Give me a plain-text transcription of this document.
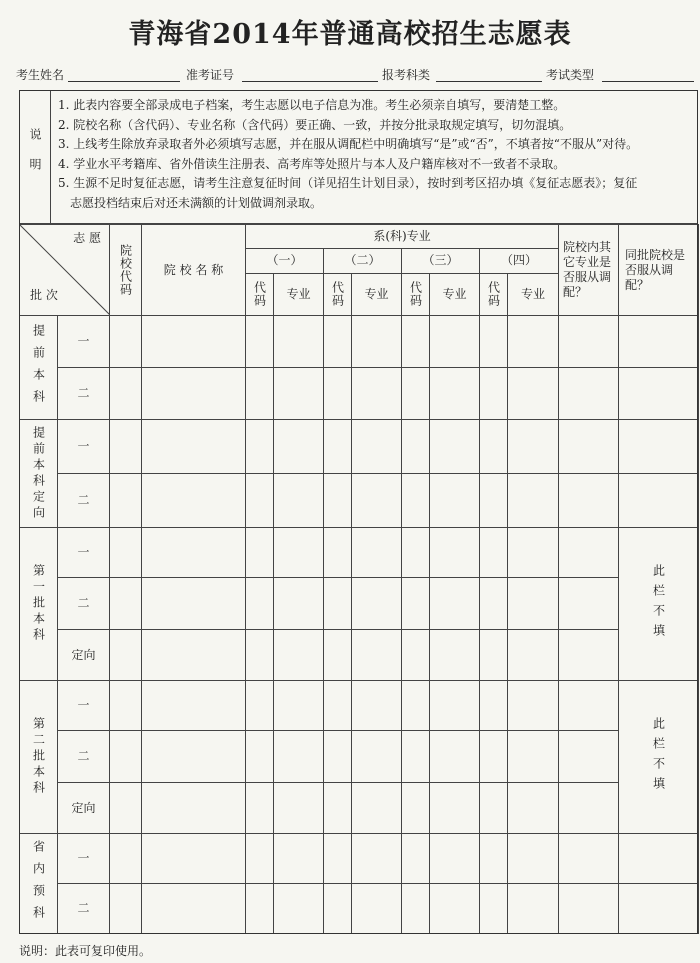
青海省2014年普通高校招生志愿表
考生姓名	准考证号	报考科类	考试类型
说明
1. 此表内容要全部录成电子档案，考生志愿以电子信息为准。考生必须亲自填写，要清楚工整。
2. 院校名称（含代码）、专业名称（含代码）要正确、一致，并按分批录取规定填写，切勿混填。
3. 上线考生除放弃录取者外必须填写志愿，并在服从调配栏中明确填写“是”或“否”，不填者按“不服从”对待。
4. 学业水平考籍库、省外借读生注册表、高考库等处照片与本人及户籍库核对不一致者不录取。
5. 生源不足时复征志愿，请考生注意复征时间（详见招生计划目录），按时到考区招办填《复征志愿表》；复征
志愿投档结束后对还未满额的计划做调剂录取。
志 愿
批 次		院校代码	院 校 名 称	系(科)专业								院校内其它专业是否服从调配？	同批院校是否服从调配？
				（一）		（二）		（三）		（四）			

				代码	专业	代码	专业	代码	专业	代码	专业		

提前本科	一												
	二												

提前本科定向	一												
	二												

第一批本科	一												此栏不填

	二												
	定向												

第二批本科	一												此栏不填

	二												
	定向												

省内预科	一												
	二												
说明：此表可复印使用。
